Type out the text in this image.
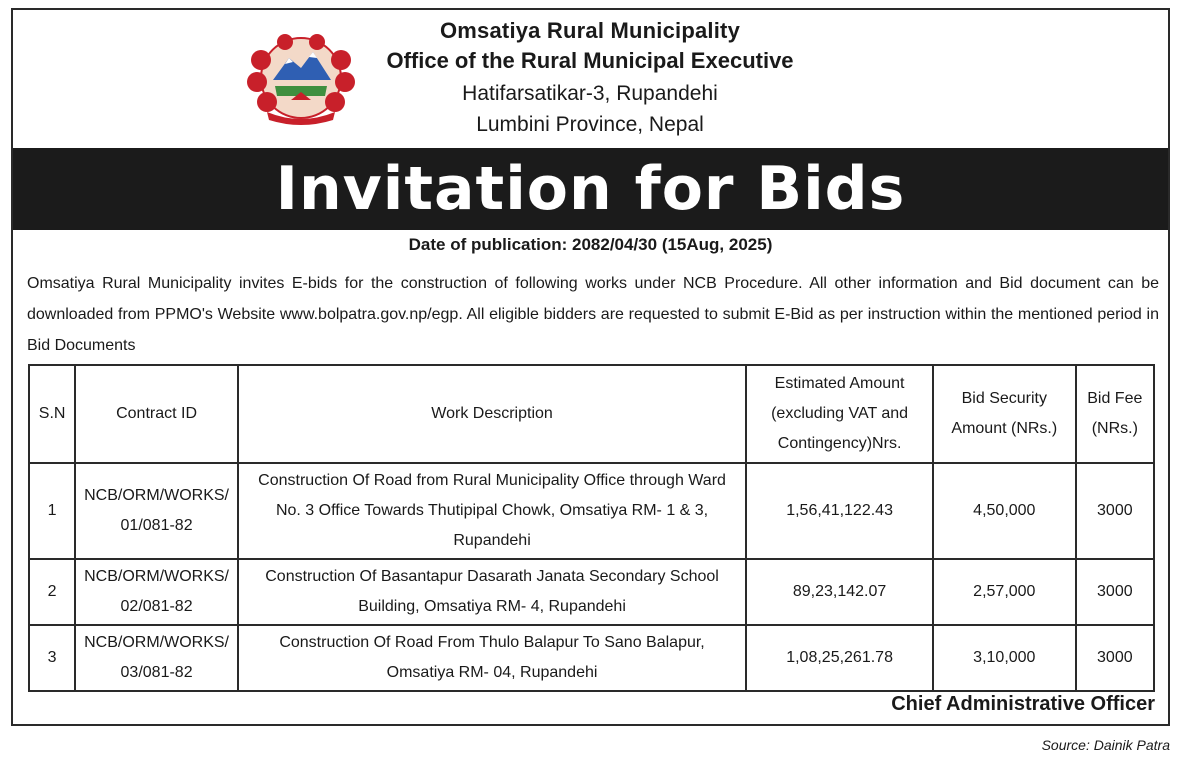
Omsatiya Rural Municipality
Office of the Rural Municipal Executive
Hatifarsatikar-3, Rupandehi
Lumbini Province, Nepal
Invitation for Bids
Date of publication: 2082/04/30 (15Aug, 2025)
Omsatiya Rural Municipality invites E-bids for the construction of following works under NCB Procedure. All other information and Bid document can be downloaded from PPMO's Website www.bolpatra.gov.np/egp. All eligible bidders are requested to submit E-Bid as per instruction within the mentioned period in Bid Documents
S.N	Contract ID	Work Description	Estimated Amount (excluding VAT and Contingency)Nrs.	Bid Security Amount (NRs.)	Bid Fee (NRs.)
1	NCB/ORM/WORKS/ 01/081-82	Construction Of Road from Rural Municipality Office through Ward No. 3 Office Towards Thutipipal Chowk, Omsatiya RM- 1 & 3, Rupandehi	1,56,41,122.43	4,50,000	3000
2	NCB/ORM/WORKS/ 02/081-82	Construction Of Basantapur Dasarath Janata Secondary School Building, Omsatiya RM- 4, Rupandehi	89,23,142.07	2,57,000	3000
3	NCB/ORM/WORKS/ 03/081-82	Construction Of Road From Thulo Balapur To Sano Balapur, Omsatiya RM- 04, Rupandehi	1,08,25,261.78	3,10,000	3000
Chief Administrative Officer
Source: Dainik Patra
